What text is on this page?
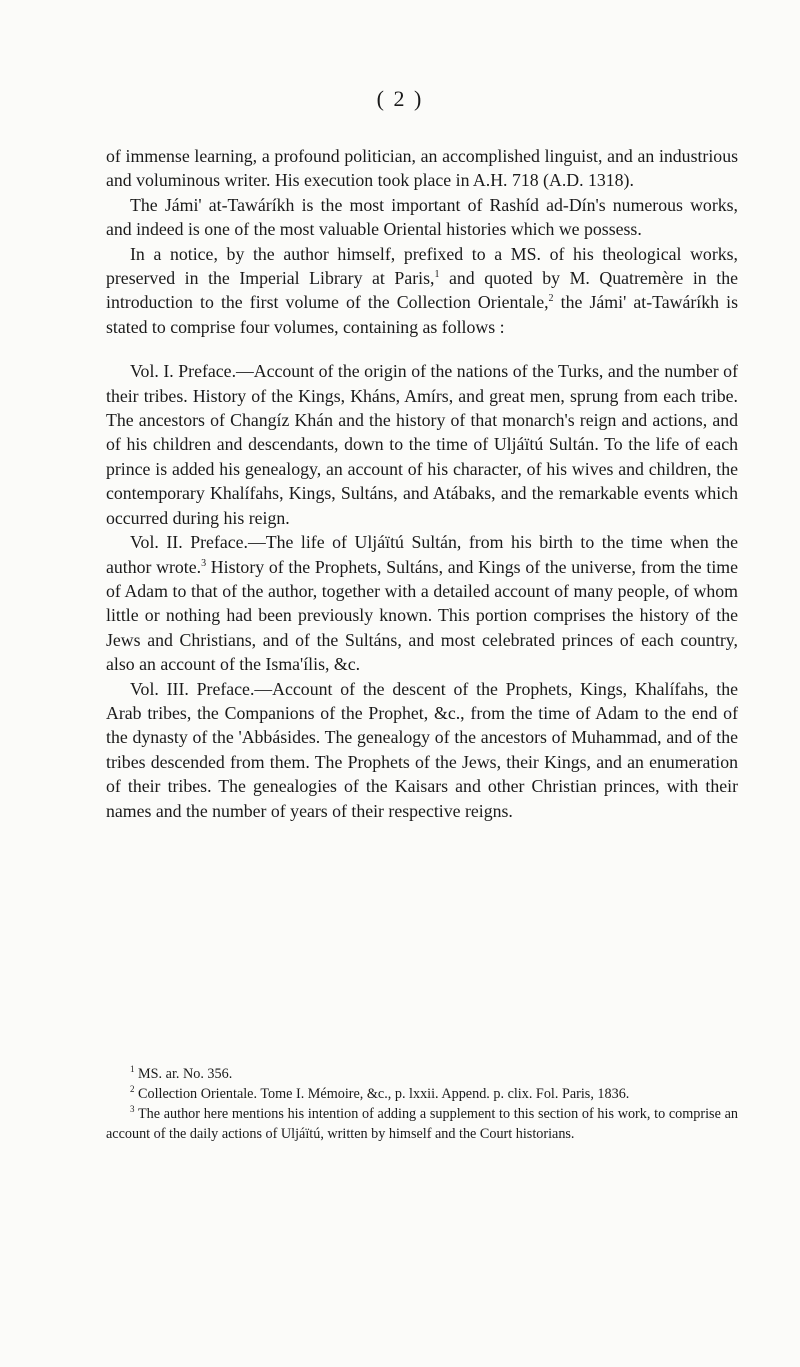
( 2 )

of immense learning, a profound politician, an accomplished linguist, and an industrious and voluminous writer. His execution took place in A.H. 718 (A.D. 1318).

The Jámi' at-Tawáríkh is the most important of Rashíd ad-Dín's numerous works, and indeed is one of the most valuable Oriental histories which we possess.

In a notice, by the author himself, prefixed to a MS. of his theological works, preserved in the Imperial Library at Paris,$^1$ and quoted by M. Quatremère in the introduction to the first volume of the Collection Orientale,$^2$ the Jámi' at-Tawáríkh is stated to comprise four volumes, containing as follows :

Vol. I. Preface.—Account of the origin of the nations of the Turks, and the number of their tribes. History of the Kings, Kháns, Amírs, and great men, sprung from each tribe. The ancestors of Changíz Khán and the history of that monarch's reign and actions, and of his children and descendants, down to the time of Uljáïtú Sultán. To the life of each prince is added his genealogy, an account of his character, of his wives and children, the contemporary Khalífahs, Kings, Sultáns, and Atábaks, and the remarkable events which occurred during his reign.

Vol. II. Preface.—The life of Uljáïtú Sultán, from his birth to the time when the author wrote.$^3$ History of the Prophets, Sultáns, and Kings of the universe, from the time of Adam to that of the author, together with a detailed account of many people, of whom little or nothing had been previously known. This portion comprises the history of the Jews and Christians, and of the Sultáns, and most celebrated princes of each country, also an account of the Isma'ílis, &c.

Vol. III. Preface.—Account of the descent of the Prophets, Kings, Khalífahs, the Arab tribes, the Companions of the Prophet, &c., from the time of Adam to the end of the dynasty of the 'Abbásides. The genealogy of the ancestors of Muhammad, and of the tribes descended from them. The Prophets of the Jews, their Kings, and an enumeration of their tribes. The genealogies of the Kaisars and other Christian princes, with their names and the number of years of their respective reigns.

$^1$ MS. ar. No. 356.

$^2$ Collection Orientale. Tome I. Mémoire, &c., p. lxxii. Append. p. clix. Fol. Paris, 1836.

$^3$ The author here mentions his intention of adding a supplement to this section of his work, to comprise an account of the daily actions of Uljáïtú, written by himself and the Court historians.
